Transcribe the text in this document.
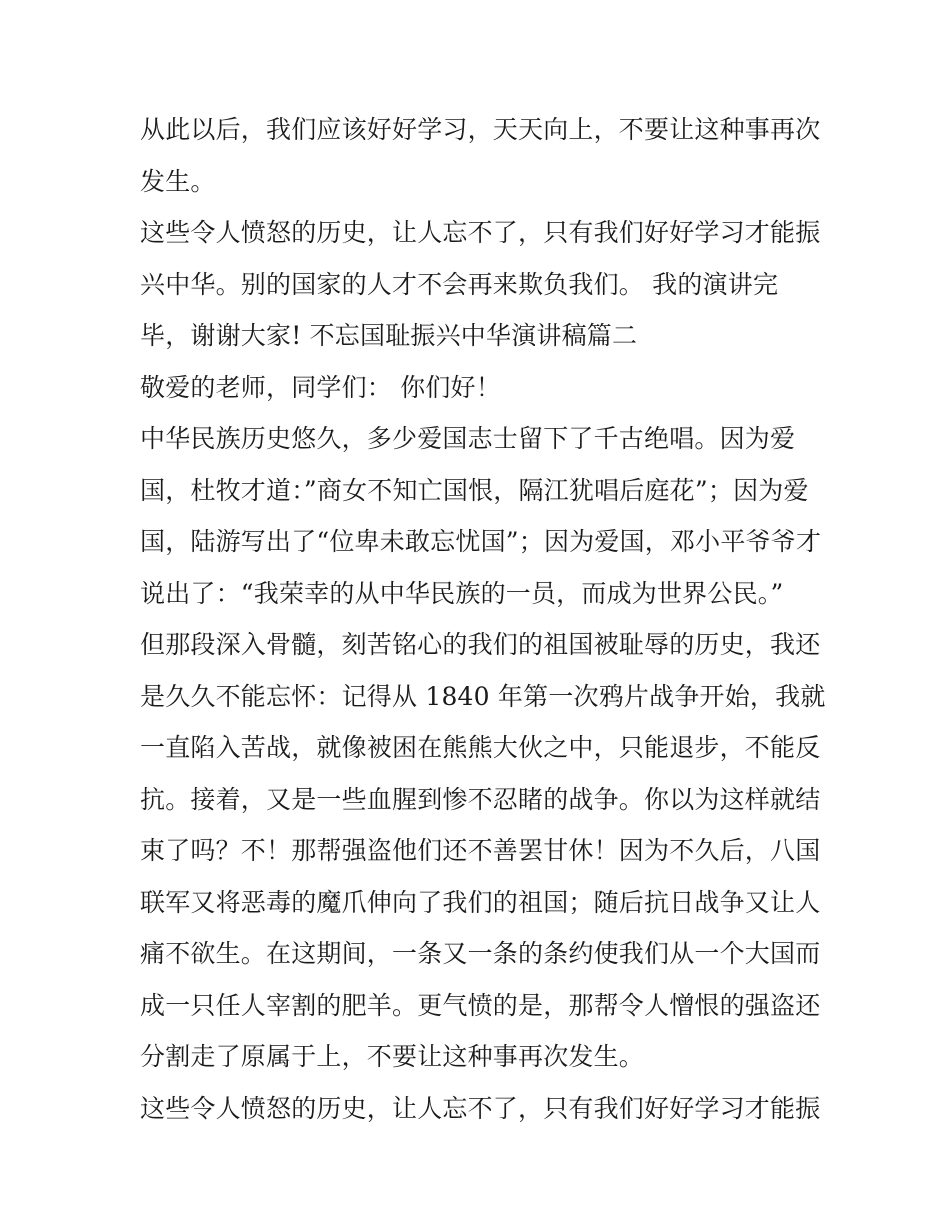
从此以后，我们应该好好学习，天天向上，不要让这种事再次
发生。
这些令人愤怒的历史，让人忘不了，只有我们好好学习才能振
兴中华。别的国家的人才不会再来欺负我们。 我的演讲完
毕，谢谢大家! 不忘国耻振兴中华演讲稿篇二
敬爱的老师，同学们： 你们好！
中华民族历史悠久，多少爱国志士留下了千古绝唱。因为爱
国，杜牧才道：”商女不知亡国恨，隔江犹唱后庭花”；因为爱
国，陆游写出了“位卑未敢忘忧国”；因为爱国，邓小平爷爷才
说出了：“我荣幸的从中华民族的一员，而成为世界公民。”
但那段深入骨髓，刻苦铭心的我们的祖国被耻辱的历史，我还
是久久不能忘怀：记得从 1840 年第一次鸦片战争开始，我就
一直陷入苦战，就像被困在熊熊大伙之中，只能退步，不能反
抗。接着，又是一些血腥到惨不忍睹的战争。你以为这样就结
束了吗？不！那帮强盗他们还不善罢甘休！因为不久后，八国
联军又将恶毒的魔爪伸向了我们的祖国；随后抗日战争又让人
痛不欲生。在这期间，一条又一条的条约使我们从一个大国而
成一只任人宰割的肥羊。更气愤的是，那帮令人憎恨的强盗还
分割走了原属于上，不要让这种事再次发生。
这些令人愤怒的历史，让人忘不了，只有我们好好学习才能振
